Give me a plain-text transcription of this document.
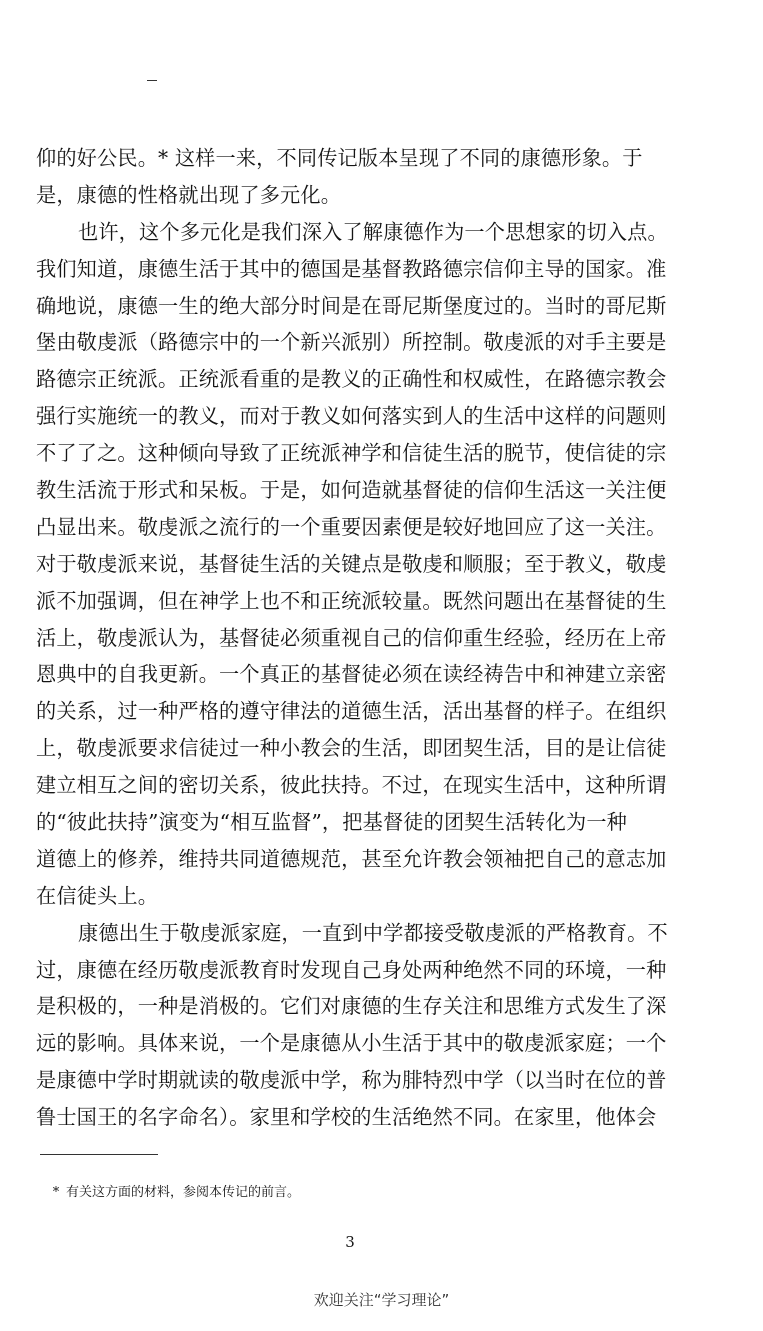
仰的好公民。* 这样一来，不同传记版本呈现了不同的康德形象。于
是，康德的性格就出现了多元化。
也许，这个多元化是我们深入了解康德作为一个思想家的切入点。
我们知道，康德生活于其中的德国是基督教路德宗信仰主导的国家。准
确地说，康德一生的绝大部分时间是在哥尼斯堡度过的。当时的哥尼斯
堡由敬虔派（路德宗中的一个新兴派别）所控制。敬虔派的对手主要是
路德宗正统派。正统派看重的是教义的正确性和权威性，在路德宗教会
强行实施统一的教义，而对于教义如何落实到人的生活中这样的问题则
不了了之。这种倾向导致了正统派神学和信徒生活的脱节，使信徒的宗
教生活流于形式和呆板。于是，如何造就基督徒的信仰生活这一关注便
凸显出来。敬虔派之流行的一个重要因素便是较好地回应了这一关注。
对于敬虔派来说，基督徒生活的关键点是敬虔和顺服；至于教义，敬虔
派不加强调，但在神学上也不和正统派较量。既然问题出在基督徒的生
活上，敬虔派认为，基督徒必须重视自己的信仰重生经验，经历在上帝
恩典中的自我更新。一个真正的基督徒必须在读经祷告中和神建立亲密
的关系，过一种严格的遵守律法的道德生活，活出基督的样子。在组织
上，敬虔派要求信徒过一种小教会的生活，即团契生活，目的是让信徒
建立相互之间的密切关系，彼此扶持。不过，在现实生活中，这种所谓
的“彼此扶持”演变为“相互监督”，把基督徒的团契生活转化为一种
道德上的修养，维持共同道德规范，甚至允许教会领袖把自己的意志加
在信徒头上。
康德出生于敬虔派家庭，一直到中学都接受敬虔派的严格教育。不
过，康德在经历敬虔派教育时发现自己身处两种绝然不同的环境，一种
是积极的，一种是消极的。它们对康德的生存关注和思维方式发生了深
远的影响。具体来说，一个是康德从小生活于其中的敬虔派家庭；一个
是康德中学时期就读的敬虔派中学，称为腓特烈中学（以当时在位的普
鲁士国王的名字命名）。家里和学校的生活绝然不同。在家里，他体会
* 有关这方面的材料，参阅本传记的前言。
3
欢迎关注“学习理论”
